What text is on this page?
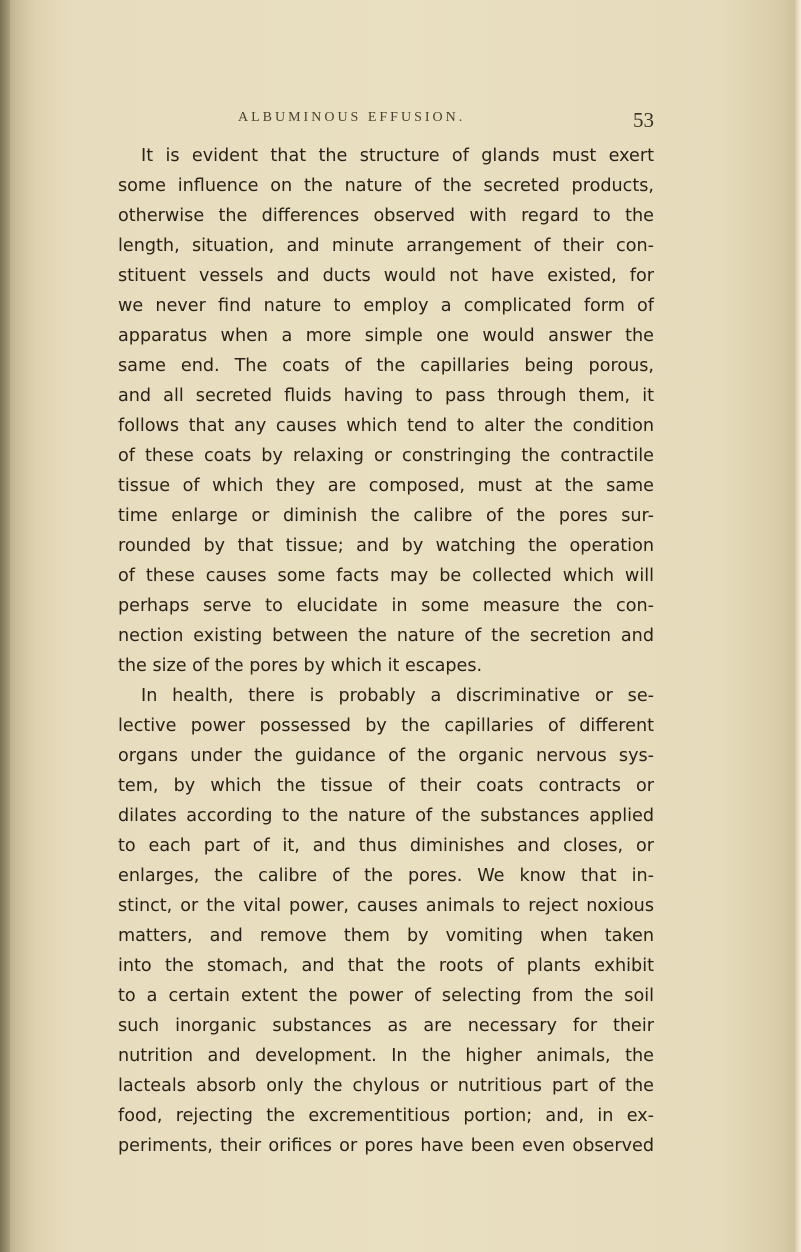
ALBUMINOUS EFFUSION.	53
It is evident that the structure of glands must exert
some influence on the nature of the secreted products,
otherwise the differences observed with regard to the
length, situation, and minute arrangement of their con-
stituent vessels and ducts would not have existed, for
we never find nature to employ a complicated form of
apparatus when a more simple one would answer the
same end. The coats of the capillaries being porous,
and all secreted fluids having to pass through them, it
follows that any causes which tend to alter the condition
of these coats by relaxing or constringing the contractile
tissue of which they are composed, must at the same
time enlarge or diminish the calibre of the pores sur-
rounded by that tissue; and by watching the operation
of these causes some facts may be collected which will
perhaps serve to elucidate in some measure the con-
nection existing between the nature of the secretion and
the size of the pores by which it escapes.
In health, there is probably a discriminative or se-
lective power possessed by the capillaries of different
organs under the guidance of the organic nervous sys-
tem, by which the tissue of their coats contracts or
dilates according to the nature of the substances applied
to each part of it, and thus diminishes and closes, or
enlarges, the calibre of the pores. We know that in-
stinct, or the vital power, causes animals to reject noxious
matters, and remove them by vomiting when taken
into the stomach, and that the roots of plants exhibit
to a certain extent the power of selecting from the soil
such inorganic substances as are necessary for their
nutrition and development. In the higher animals, the
lacteals absorb only the chylous or nutritious part of the
food, rejecting the excrementitious portion; and, in ex-
periments, their orifices or pores have been even observed
